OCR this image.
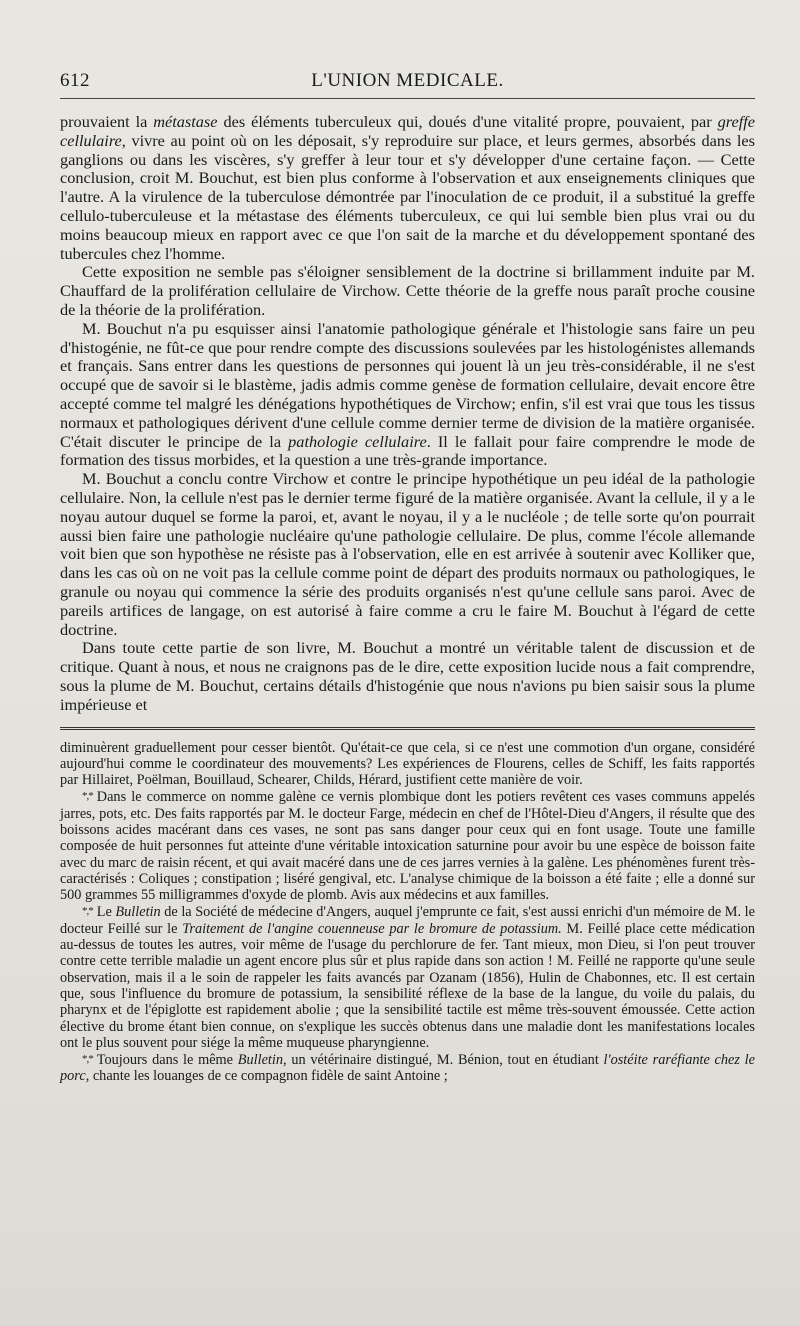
612	L'UNION MEDICALE.

prouvaient la métastase des éléments tuberculeux qui, doués d'une vitalité propre, pouvaient, par greffe cellulaire, vivre au point où on les déposait, s'y reproduire sur place, et leurs germes, absorbés dans les ganglions ou dans les viscères, s'y greffer à leur tour et s'y développer d'une certaine façon. — Cette conclusion, croit M. Bouchut, est bien plus conforme à l'observation et aux enseignements cliniques que l'autre. A la virulence de la tuberculose démontrée par l'inoculation de ce produit, il a substitué la greffe cellulo-tuberculeuse et la métastase des éléments tuberculeux, ce qui lui semble bien plus vrai ou du moins beaucoup mieux en rapport avec ce que l'on sait de la marche et du développement spontané des tubercules chez l'homme.

Cette exposition ne semble pas s'éloigner sensiblement de la doctrine si brillamment induite par M. Chauffard de la prolifération cellulaire de Virchow. Cette théorie de la greffe nous paraît proche cousine de la théorie de la prolifération.

M. Bouchut n'a pu esquisser ainsi l'anatomie pathologique générale et l'histologie sans faire un peu d'histogénie, ne fût-ce que pour rendre compte des discussions soulevées par les histologénistes allemands et français. Sans entrer dans les questions de personnes qui jouent là un jeu très-considérable, il ne s'est occupé que de savoir si le blastème, jadis admis comme genèse de formation cellulaire, devait encore être accepté comme tel malgré les dénégations hypothétiques de Virchow; enfin, s'il est vrai que tous les tissus normaux et pathologiques dérivent d'une cellule comme dernier terme de division de la matière organisée. C'était discuter le principe de la pathologie cellulaire. Il le fallait pour faire comprendre le mode de formation des tissus morbides, et la question a une très-grande importance.

M. Bouchut a conclu contre Virchow et contre le principe hypothétique un peu idéal de la pathologie cellulaire. Non, la cellule n'est pas le dernier terme figuré de la matière organisée. Avant la cellule, il y a le noyau autour duquel se forme la paroi, et, avant le noyau, il y a le nucléole ; de telle sorte qu'on pourrait aussi bien faire une pathologie nucléaire qu'une pathologie cellulaire. De plus, comme l'école allemande voit bien que son hypothèse ne résiste pas à l'observation, elle en est arrivée à soutenir avec Kolliker que, dans les cas où on ne voit pas la cellule comme point de départ des produits normaux ou pathologiques, le granule ou noyau qui commence la série des produits organisés n'est qu'une cellule sans paroi. Avec de pareils artifices de langage, on est autorisé à faire comme a cru le faire M. Bouchut à l'égard de cette doctrine.

Dans toute cette partie de son livre, M. Bouchut a montré un véritable talent de discussion et de critique. Quant à nous, et nous ne craignons pas de le dire, cette exposition lucide nous a fait comprendre, sous la plume de M. Bouchut, certains détails d'histogénie que nous n'avions pu bien saisir sous la plume impérieuse et

diminuèrent graduellement pour cesser bientôt. Qu'était-ce que cela, si ce n'est une commotion d'un organe, considéré aujourd'hui comme le coordinateur des mouvements? Les expériences de Flourens, celles de Schiff, les faits rapportés par Hillairet, Poëlman, Bouillaud, Schearer, Childs, Hérard, justifient cette manière de voir.

*,* Dans le commerce on nomme galène ce vernis plombique dont les potiers revêtent ces vases communs appelés jarres, pots, etc. Des faits rapportés par M. le docteur Farge, médecin en chef de l'Hôtel-Dieu d'Angers, il résulte que des boissons acides macérant dans ces vases, ne sont pas sans danger pour ceux qui en font usage. Toute une famille composée de huit personnes fut atteinte d'une véritable intoxication saturnine pour avoir bu une espèce de boisson faite avec du marc de raisin récent, et qui avait macéré dans une de ces jarres vernies à la galène. Les phénomènes furent très-caractérisés : Coliques ; constipation ; liséré gengival, etc. L'analyse chimique de la boisson a été faite ; elle a donné sur 500 grammes 55 milligrammes d'oxyde de plomb. Avis aux médecins et aux familles.

*,* Le Bulletin de la Société de médecine d'Angers, auquel j'emprunte ce fait, s'est aussi enrichi d'un mémoire de M. le docteur Feillé sur le Traitement de l'angine couenneuse par le bromure de potassium. M. Feillé place cette médication au-dessus de toutes les autres, voir même de l'usage du perchlorure de fer. Tant mieux, mon Dieu, si l'on peut trouver contre cette terrible maladie un agent encore plus sûr et plus rapide dans son action ! M. Feillé ne rapporte qu'une seule observation, mais il a le soin de rappeler les faits avancés par Ozanam (1856), Hulin de Chabonnes, etc. Il est certain que, sous l'influence du bromure de potassium, la sensibilité réflexe de la base de la langue, du voile du palais, du pharynx et de l'épiglotte est rapidement abolie ; que la sensibilité tactile est même très-souvent émoussée. Cette action élective du brome étant bien connue, on s'explique les succès obtenus dans une maladie dont les manifestations locales ont le plus souvent pour siége la même muqueuse pharyngienne.

*,* Toujours dans le même Bulletin, un vétérinaire distingué, M. Bénion, tout en étudiant l'ostéite raréfiante chez le porc, chante les louanges de ce compagnon fidèle de saint Antoine ;
